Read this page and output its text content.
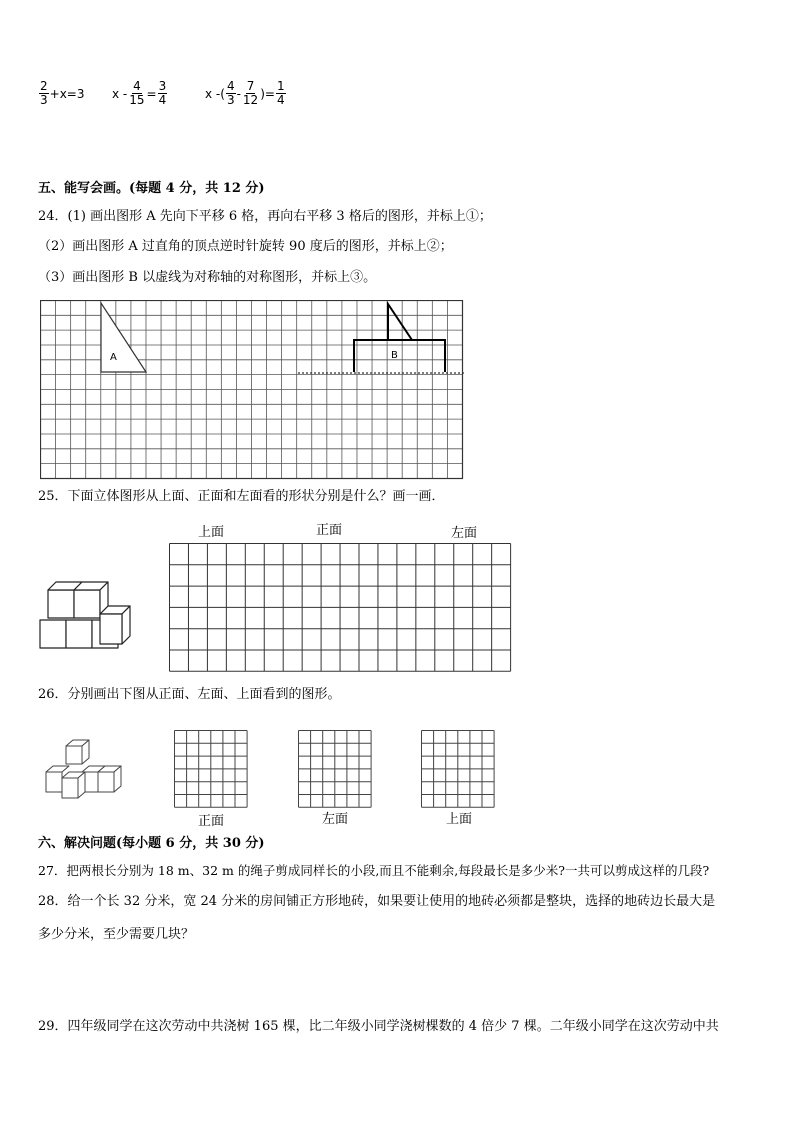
$\frac{2}{3} +x=3$ $x - \frac{4}{15} = \frac{3}{4}$	x -( $\frac{4}{3} - \frac{7}{12}$ )= $\frac{1}{4}$
五、能写会画。(每题 4 分，共 12 分)
24．(1) 画出图形 A 先向下平移 6 格，再向右平移 3 格后的图形，并标上①；
（2）画出图形 A 过直角的顶点逆时针旋转 90 度后的图形，并标上②；
（3）画出图形 B 以虚线为对称轴的对称图形，并标上③。
A	B
25．下面立体图形从上面、正面和左面看的形状分别是什么？画一画．
上面	正面	左面
26．分别画出下图从正面、左面、上面看到的图形。
正面	左面	上面
六、解决问题(每小题 6 分，共 30 分)
27．把两根长分别为 18 m、32 m 的绳子剪成同样长的小段,而且不能剩余,每段最长是多少米?一共可以剪成这样的几段?
28．给一个长 32 分米，宽 24 分米的房间铺正方形地砖，如果要让使用的地砖必须都是整块，选择的地砖边长最大是
多少分米，至少需要几块？
29．四年级同学在这次劳动中共浇树 165 棵，比二年级小同学浇树棵数的 4 倍少 7 棵。二年级小同学在这次劳动中共
